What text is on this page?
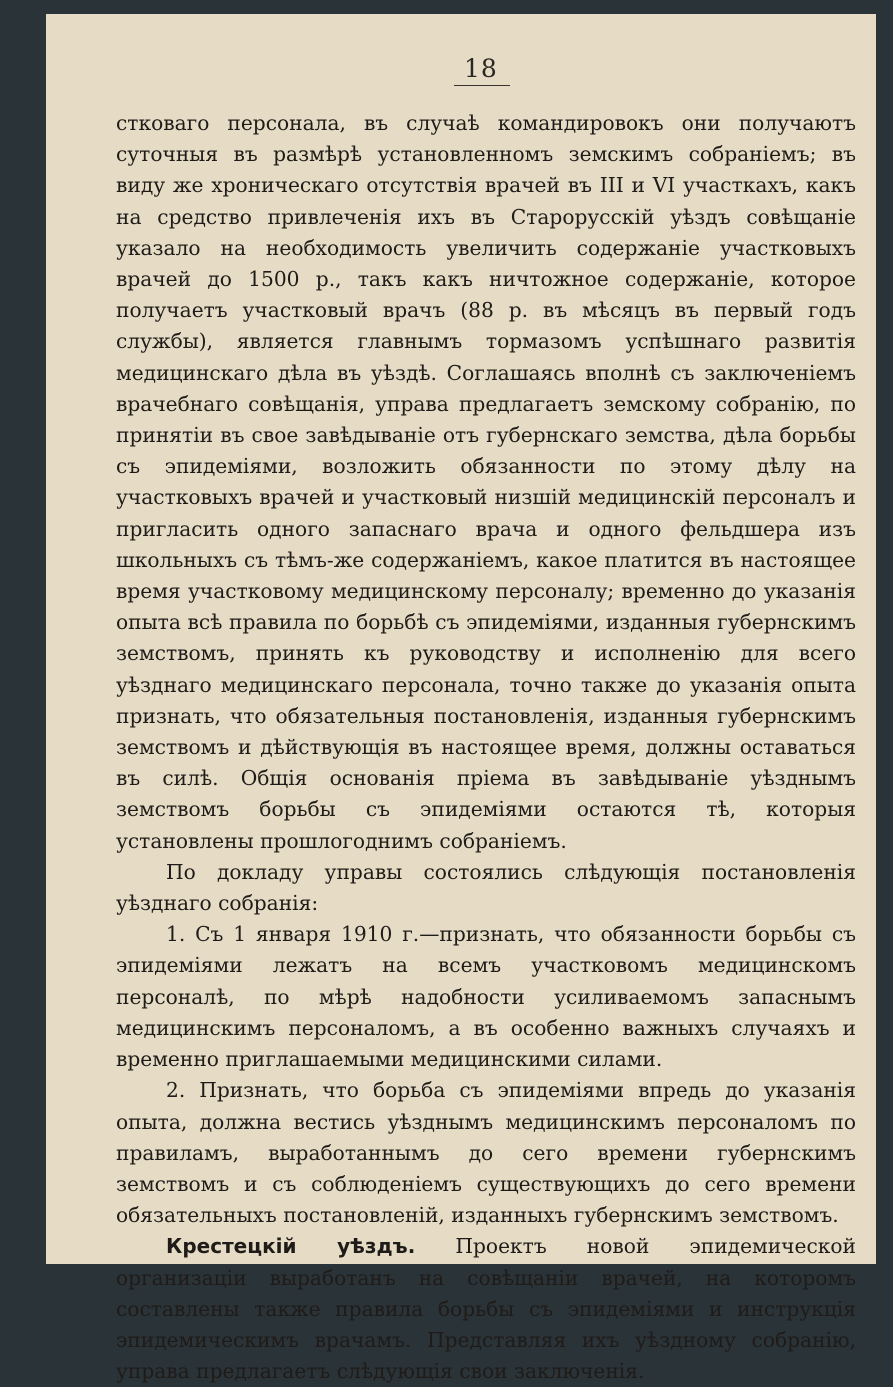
18

стковаго персонала, въ случаѣ командировокъ они получаютъ суточныя въ размѣрѣ установленномъ земскимъ собраніемъ; въ виду же хроническаго отсутствія врачей въ III и VI участкахъ, какъ на средство привлеченія ихъ въ Старорусскій уѣздъ совѣщаніе указало на необходимость увеличить содержаніе участковыхъ врачей до 1500 р., такъ какъ ничтожное содержаніе, которое получаетъ участковый врачъ (88 р. въ мѣсяцъ въ первый годъ службы), является главнымъ тормазомъ успѣшнаго развитія медицинскаго дѣла въ уѣздѣ. Соглашаясь вполнѣ съ заключеніемъ врачебнаго совѣщанія, управа предлагаетъ земскому собранію, по принятіи въ свое завѣдываніе отъ губернскаго земства, дѣла борьбы съ эпидеміями, возложить обязанности по этому дѣлу на участковыхъ врачей и участковый низшій медицинскій персоналъ и пригласить одного запаснаго врача и одного фельдшера изъ школьныхъ съ тѣмъ-же содержаніемъ, какое платится въ настоящее время участковому медицинскому персоналу; временно до указанія опыта всѣ правила по борьбѣ съ эпидеміями, изданныя губернскимъ земствомъ, принять къ руководству и исполненію для всего уѣзднаго медицинскаго персонала, точно также до указанія опыта признать, что обязательныя постановленія, изданныя губернскимъ земствомъ и дѣйствующія въ настоящее время, должны оставаться въ силѣ. Общія основанія пріема въ завѣдываніе уѣзднымъ земствомъ борьбы съ эпидеміями остаются тѣ, которыя установлены прошлогоднимъ собраніемъ.

По докладу управы состоялись слѣдующія постановленія уѣзднаго собранія:

1. Съ 1 января 1910 г.—признать, что обязанности борьбы съ эпидеміями лежатъ на всемъ участковомъ медицинскомъ персоналѣ, по мѣрѣ надобности усиливаемомъ запаснымъ медицинскимъ персоналомъ, а въ особенно важныхъ случаяхъ и временно приглашаемыми медицинскими силами.

2. Признать, что борьба съ эпидеміями впредь до указанія опыта, должна вестись уѣзднымъ медицинскимъ персоналомъ по правиламъ, выработаннымъ до сего времени губернскимъ земствомъ и съ соблюденіемъ существующихъ до сего времени обязательныхъ постановленій, изданныхъ губернскимъ земствомъ.

Крестецкій уѣздъ. Проектъ новой эпидемической организаціи выработанъ на совѣщаніи врачей, на которомъ составлены также правила борьбы съ эпидеміями и инструкція эпидемическимъ врачамъ. Представляя ихъ уѣздному собранію, управа предлагаетъ слѣдующія свои заключенія.
